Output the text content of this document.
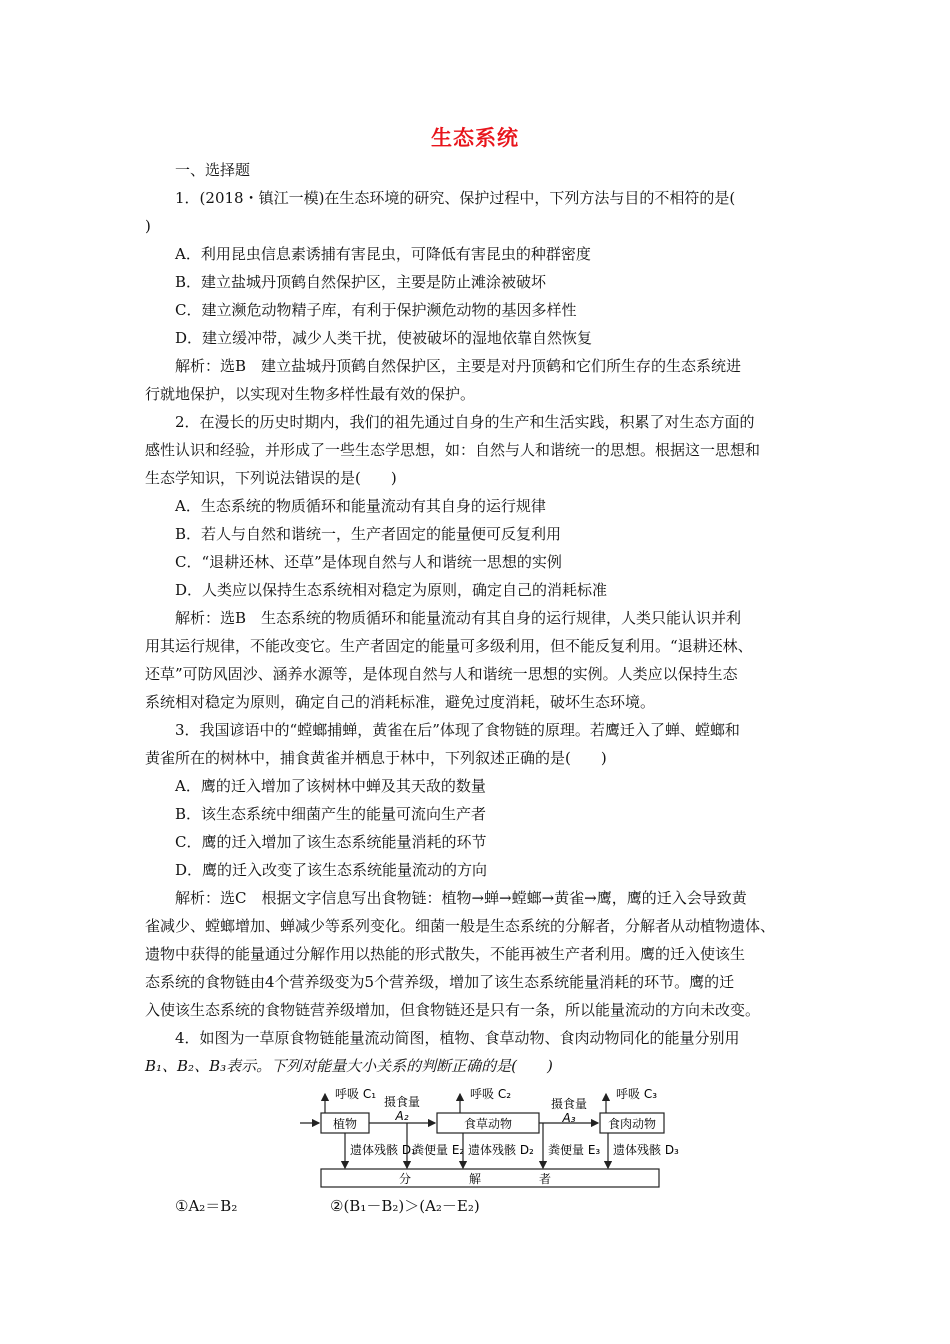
生态系统

一、选择题

1．(2018・镇江一模)在生态环境的研究、保护过程中，下列方法与目的不相符的是(

)

A．利用昆虫信息素诱捕有害昆虫，可降低有害昆虫的种群密度

B．建立盐城丹顶鹤自然保护区，主要是防止滩涂被破坏

C．建立濒危动物精子库，有利于保护濒危动物的基因多样性

D．建立缓冲带，减少人类干扰，使被破坏的湿地依靠自然恢复

解析：选B　建立盐城丹顶鹤自然保护区，主要是对丹顶鹤和它们所生存的生态系统进

行就地保护，以实现对生物多样性最有效的保护。

2．在漫长的历史时期内，我们的祖先通过自身的生产和生活实践，积累了对生态方面的

感性认识和经验，并形成了一些生态学思想，如：自然与人和谐统一的思想。根据这一思想和

生态学知识，下列说法错误的是(　　)

A．生态系统的物质循环和能量流动有其自身的运行规律

B．若人与自然和谐统一，生产者固定的能量便可反复利用

C．“退耕还林、还草”是体现自然与人和谐统一思想的实例

D．人类应以保持生态系统相对稳定为原则，确定自己的消耗标准

解析：选B　生态系统的物质循环和能量流动有其自身的运行规律，人类只能认识并利

用其运行规律，不能改变它。生产者固定的能量可多级利用，但不能反复利用。“退耕还林、

还草”可防风固沙、涵养水源等，是体现自然与人和谐统一思想的实例。人类应以保持生态

系统相对稳定为原则，确定自己的消耗标准，避免过度消耗，破坏生态环境。

3．我国谚语中的“螳螂捕蝉，黄雀在后”体现了食物链的原理。若鹰迁入了蝉、螳螂和

黄雀所在的树林中，捕食黄雀并栖息于林中，下列叙述正确的是(　　)

A．鹰的迁入增加了该树林中蝉及其天敌的数量

B．该生态系统中细菌产生的能量可流向生产者

C．鹰的迁入增加了该生态系统能量消耗的环节

D．鹰的迁入改变了该生态系统能量流动的方向

解析：选C　根据文字信息写出食物链：植物→蝉→螳螂→黄雀→鹰，鹰的迁入会导致黄

雀减少、螳螂增加、蝉减少等系列变化。细菌一般是生态系统的分解者，分解者从动植物遗体、

遗物中获得的能量通过分解作用以热能的形式散失，不能再被生产者利用。鹰的迁入使该生

态系统的食物链由4个营养级变为5个营养级，增加了该生态系统能量消耗的环节。鹰的迁

入使该生态系统的食物链营养级增加，但食物链还是只有一条，所以能量流动的方向未改变。

4．如图为一草原食物链能量流动简图，植物、食草动物、食肉动物同化的能量分别用

B₁、B₂、B₃表示。下列对能量大小关系的判断正确的是(　　)

植物	食草动物	食肉动物
呼吸 C₁	呼吸 C₂	呼吸 C₃
摄食量
A₂
摄食量
A₃
遗体残骸 D₁
粪便量 E₂ 遗体残骸 D₂ 粪便量 E₃ 遗体残骸 D₃
分	解	者
①A₂＝B₂	②(B₁－B₂)＞(A₂－E₂)
